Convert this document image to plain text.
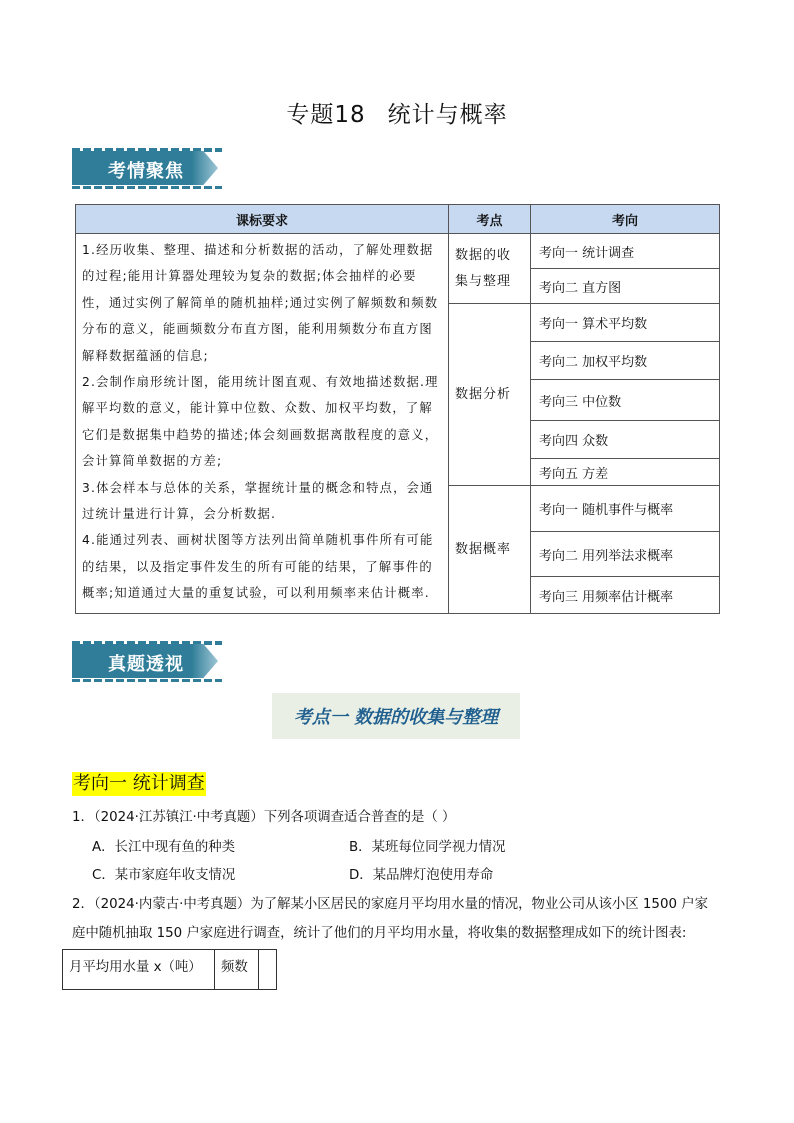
专题18 统计与概率
考情聚焦
课标要求	考点	考向

1.经历收集、整理、描述和分析数据的活动，了解处理数据的过程;能用计算器处理较为复杂的数据;体会抽样的必要性，通过实例了解简单的随机抽样;通过实例了解频数和频数分布的意义，能画频数分布直方图，能利用频数分布直方图解释数据蕴涵的信息;
2.会制作扇形统计图，能用统计图直观、有效地描述数据.理解平均数的意义，能计算中位数、众数、加权平均数，了解它们是数据集中趋势的描述;体会刻画数据离散程度的意义，会计算简单数据的方差;
3.体会样本与总体的关系，掌握统计量的概念和特点，会通过统计量进行计算，会分析数据.
4.能通过列表、画树状图等方法列出简单随机事件所有可能的结果，以及指定事件发生的所有可能的结果，了解事件的概率;知道通过大量的重复试验，可以利用频率来估计概率.	数据的收集与整理	考向一 统计调查
		考向二 直方图
	数据分析	考向一 算术平均数
		考向二 加权平均数
		考向三 中位数
		考向四 众数
		考向五 方差
	数据概率	考向一 随机事件与概率
		考向二 用列举法求概率
		考向三 用频率估计概率
真题透视
考点一 数据的收集与整理
考向一 统计调查
1．（2024·江苏镇江·中考真题）下列各项调查适合普查的是（ ）
A．长江中现有鱼的种类	B．某班每位同学视力情况
C．某市家庭年收支情况	D．某品牌灯泡使用寿命
2．（2024·内蒙古·中考真题）为了解某小区居民的家庭月平均用水量的情况，物业公司从该小区 1500 户家
庭中随机抽取 150 户家庭进行调查，统计了他们的月平均用水量，将收集的数据整理成如下的统计图表:
月平均用水量 x（吨）	频数	
